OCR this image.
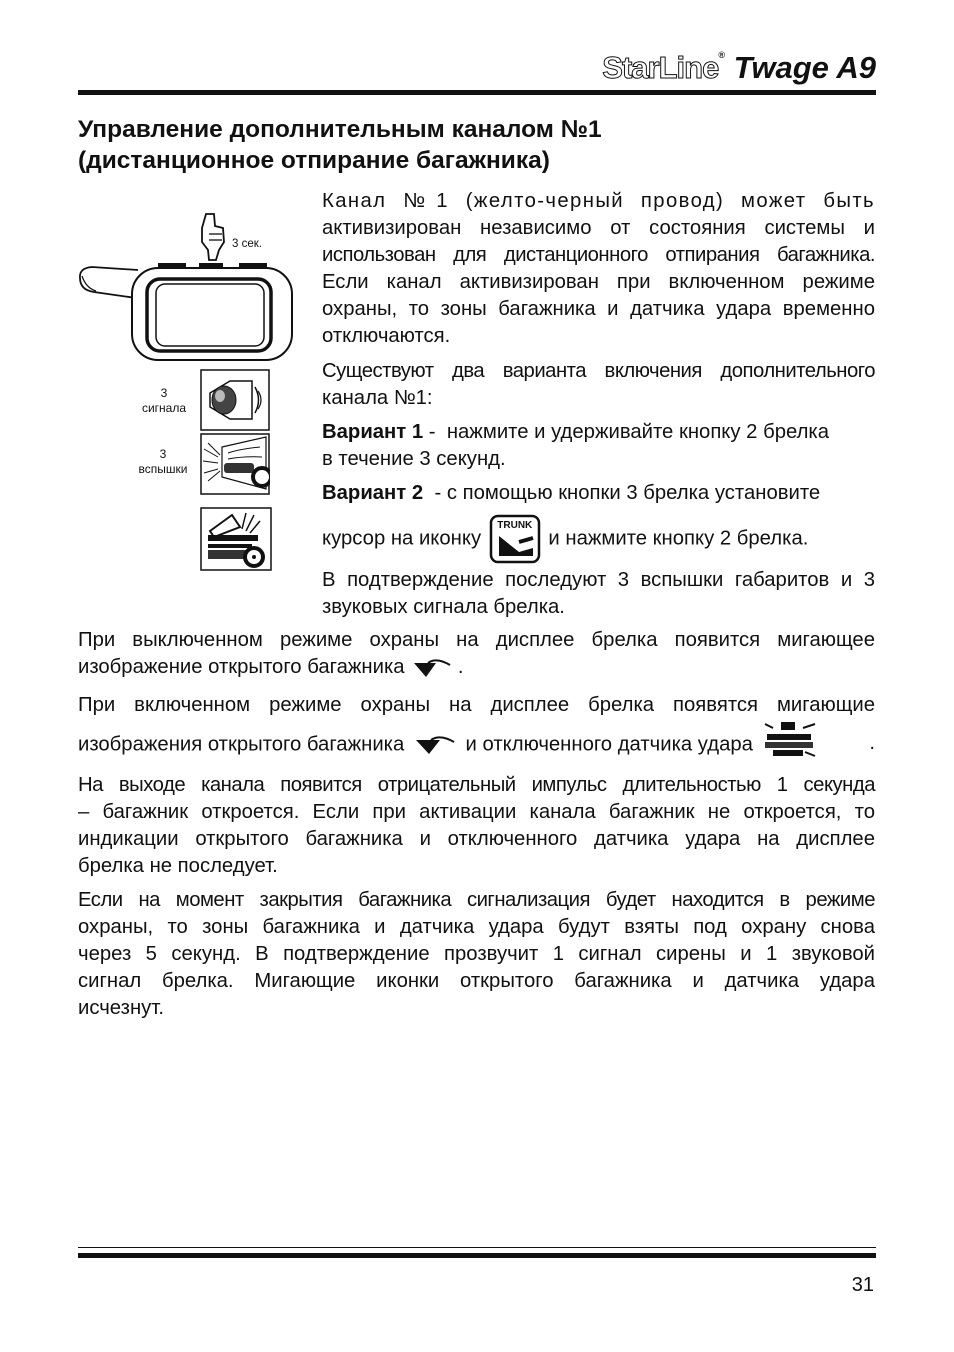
StarLine® Twage A9
Управление дополнительным каналом №1
(дистанционное отпирание багажника)
3 сек.
3
сигнала
3
вспышки
Канал №1 (желто-черный провод) может быть
активизирован независимо от состояния системы и
использован для дистанционного отпирания багажника.
Если канал активизирован при включенном режиме
охраны, то зоны багажника и датчика удара временно
отключаются.
Существуют два варианта включения дополнительного
канала №1:
Вариант 1 -  нажмите и удерживайте кнопку 2 брелка
в течение 3 секунд.
Вариант 2  - с помощью кнопки 3 брелка установите
курсор на иконку
TRUNK
и нажмите кнопку 2 брелка.
В подтверждение последуют 3 вспышки габаритов и 3
звуковых сигнала брелка.
При выключенном режиме охраны на дисплее брелка появится мигающее
изображение открытого багажника	.
При включенном режиме охраны на дисплее брелка появятся мигающие
изображения открытого багажника	и отключенного датчика удара	.
На выходе канала появится отрицательный импульс длительностью 1 секунда
– багажник откроется. Если при активации канала багажник не откроется, то
индикации открытого багажника и отключенного датчика удара на дисплее
брелка не последует.
Если на момент закрытия багажника сигнализация будет находится в режиме
охраны, то зоны багажника и датчика удара будут взяты под охрану снова
через 5 секунд. В подтверждение прозвучит 1 сигнал сирены и 1 звуковой
сигнал брелка. Мигающие иконки открытого багажника и датчика удара
исчезнут.
31
